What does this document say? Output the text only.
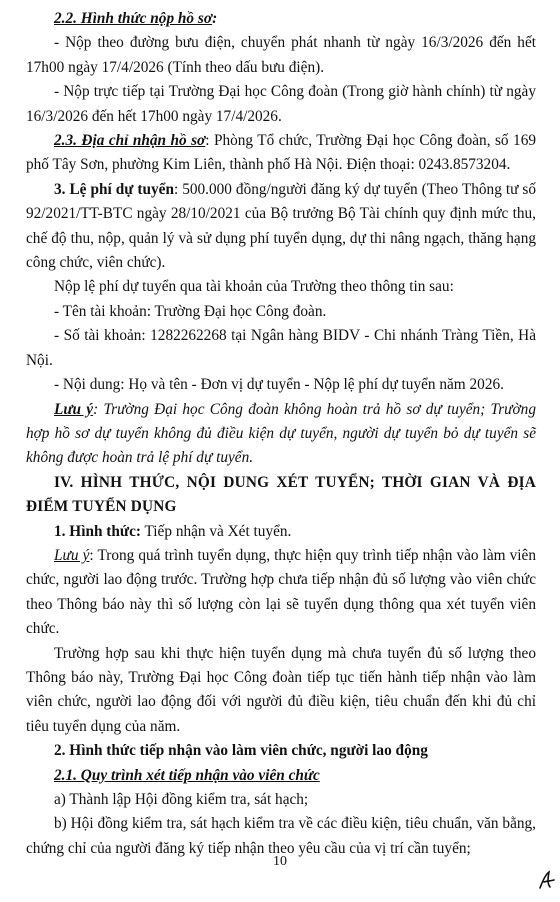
2.2. Hình thức nộp hồ sơ:

- Nộp theo đường bưu điện, chuyển phát nhanh từ ngày 16/3/2026 đến hết 17h00 ngày 17/4/2026 (Tính theo dấu bưu điện).

- Nộp trực tiếp tại Trường Đại học Công đoàn (Trong giờ hành chính) từ ngày 16/3/2026 đến hết 17h00 ngày 17/4/2026.

2.3. Địa chỉ nhận hồ sơ: Phòng Tổ chức, Trường Đại học Công đoàn, số 169 phố Tây Sơn, phường Kim Liên, thành phố Hà Nội. Điện thoại: 0243.8573204.

3. Lệ phí dự tuyển: 500.000 đồng/người đăng ký dự tuyển (Theo Thông tư số 92/2021/TT-BTC ngày 28/10/2021 của Bộ trưởng Bộ Tài chính quy định mức thu, chế độ thu, nộp, quản lý và sử dụng phí tuyển dụng, dự thi nâng ngạch, thăng hạng công chức, viên chức).

Nộp lệ phí dự tuyển qua tài khoản của Trường theo thông tin sau:

- Tên tài khoản: Trường Đại học Công đoàn.

- Số tài khoản: 1282262268 tại Ngân hàng BIDV - Chi nhánh Tràng Tiền, Hà Nội.

- Nội dung: Họ và tên - Đơn vị dự tuyển - Nộp lệ phí dự tuyển năm 2026.

Lưu ý: Trường Đại học Công đoàn không hoàn trả hồ sơ dự tuyển; Trường hợp hồ sơ dự tuyển không đủ điều kiện dự tuyển, người dự tuyển bỏ dự tuyển sẽ không được hoàn trả lệ phí dự tuyển.

IV. HÌNH THỨC, NỘI DUNG XÉT TUYỂN; THỜI GIAN VÀ ĐỊA ĐIỂM TUYỂN DỤNG

1. Hình thức: Tiếp nhận và Xét tuyển.

Lưu ý: Trong quá trình tuyển dụng, thực hiện quy trình tiếp nhận vào làm viên chức, người lao động trước. Trường hợp chưa tiếp nhận đủ số lượng vào viên chức theo Thông báo này thì số lượng còn lại sẽ tuyển dụng thông qua xét tuyển viên chức.

Trường hợp sau khi thực hiện tuyển dụng mà chưa tuyển đủ số lượng theo Thông báo này, Trường Đại học Công đoàn tiếp tục tiến hành tiếp nhận vào làm viên chức, người lao động đối với người đủ điều kiện, tiêu chuẩn đến khi đủ chỉ tiêu tuyển dụng của năm.

2. Hình thức tiếp nhận vào làm viên chức, người lao động

2.1. Quy trình xét tiếp nhận vào viên chức

a) Thành lập Hội đồng kiểm tra, sát hạch;

b) Hội đồng kiểm tra, sát hạch kiểm tra về các điều kiện, tiêu chuẩn, văn bằng, chứng chỉ của người đăng ký tiếp nhận theo yêu cầu của vị trí cần tuyển;

10
